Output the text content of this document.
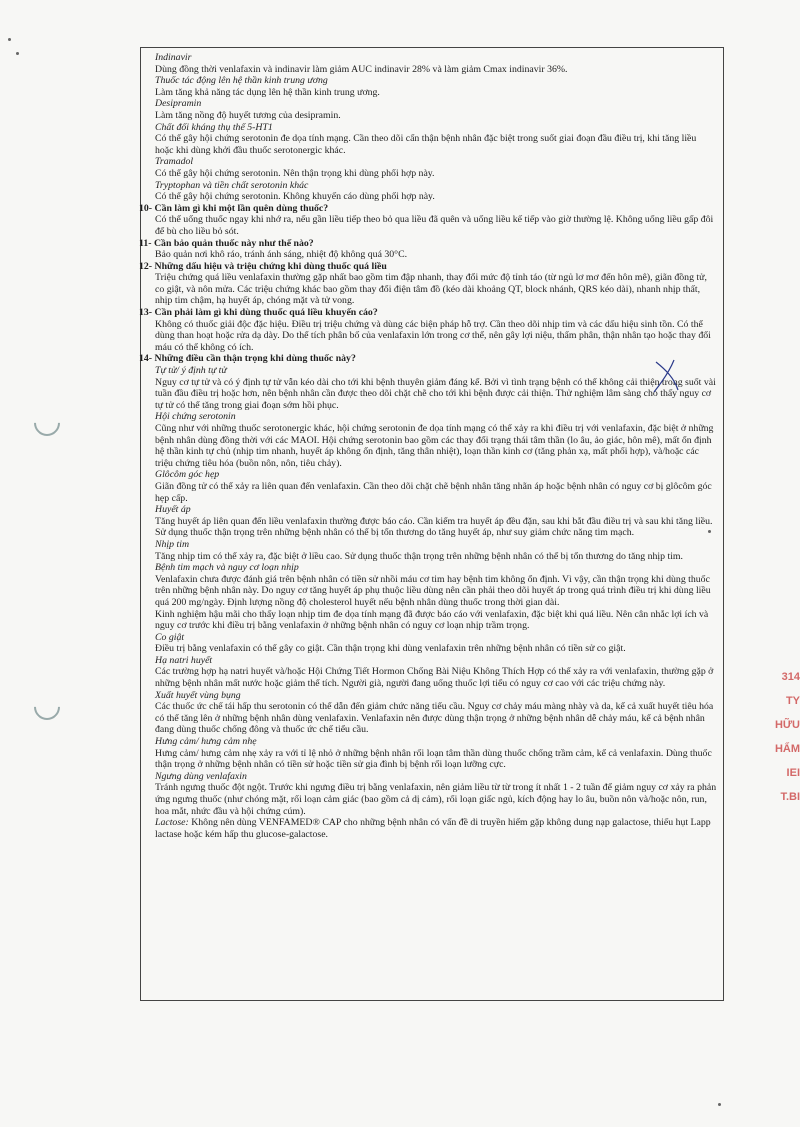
Indinavir

Dùng đồng thời venlafaxin và indinavir làm giảm AUC indinavir 28% và làm giảm Cmax indinavir 36%.

Thuốc tác động lên hệ thần kinh trung ương

Làm tăng khả năng tác dụng lên hệ thần kinh trung ương.

Desipramin

Làm tăng nồng độ huyết tương của desipramin.

Chất đối kháng thụ thể 5-HT1

Có thể gây hội chứng serotonin đe dọa tính mạng. Cần theo dõi cẩn thận bệnh nhân đặc biệt trong suốt giai đoạn đầu điều trị, khi tăng liều hoặc khi dùng khởi đầu thuốc serotonergic khác.

Tramadol

Có thể gây hội chứng serotonin. Nên thận trọng khi dùng phối hợp này.

Tryptophan và tiền chất serotonin khác

Có thể gây hội chứng serotonin. Không khuyến cáo dùng phối hợp này.

10- Cần làm gì khi một lần quên dùng thuốc?

Có thể uống thuốc ngay khi nhớ ra, nếu gần liều tiếp theo bỏ qua liều đã quên và uống liều kế tiếp vào giờ thường lệ. Không uống liều gấp đôi để bù cho liều bỏ sót.

11- Cần bảo quản thuốc này như thế nào?

Bảo quản nơi khô ráo, tránh ánh sáng, nhiệt độ không quá 30°C.

12- Những dấu hiệu và triệu chứng khi dùng thuốc quá liều

Triệu chứng quá liều venlafaxin thường gặp nhất bao gồm tim đập nhanh, thay đổi mức độ tỉnh táo (từ ngủ lơ mơ đến hôn mê), giãn đồng tử, co giật, và nôn mửa. Các triệu chứng khác bao gồm thay đổi điện tâm đồ (kéo dài khoảng QT, block nhánh, QRS kéo dài), nhanh nhịp thất, nhịp tim chậm, hạ huyết áp, chóng mặt và tử vong.

13- Cần phải làm gì khi dùng thuốc quá liều khuyến cáo?

Không có thuốc giải độc đặc hiệu. Điều trị triệu chứng và dùng các biện pháp hỗ trợ. Cần theo dõi nhịp tim và các dấu hiệu sinh tồn. Có thể dùng than hoạt hoặc rửa dạ dày. Do thể tích phân bố của venlafaxin lớn trong cơ thể, nên gây lợi niệu, thẩm phân, thận nhân tạo hoặc thay đổi máu có thể không có ích.

14- Những điều cần thận trọng khi dùng thuốc này?

Tự tử/ ý định tự tử

Nguy cơ tự tử và có ý định tự tử vẫn kéo dài cho tới khi bệnh thuyên giảm đáng kể. Bởi vì tình trạng bệnh có thể không cải thiện trong suốt vài tuần đầu điều trị hoặc hơn, nên bệnh nhân cần được theo dõi chặt chẽ cho tới khi bệnh được cải thiện. Thử nghiệm lâm sàng cho thấy nguy cơ tự tử có thể tăng trong giai đoạn sớm hồi phục.

Hội chứng serotonin

Cũng như với những thuốc serotonergic khác, hội chứng serotonin đe dọa tính mạng có thể xảy ra khi điều trị với venlafaxin, đặc biệt ở những bệnh nhân dùng đồng thời với các MAOI. Hội chứng serotonin bao gồm các thay đổi trạng thái tâm thần (lo âu, ảo giác, hôn mê), mất ổn định hệ thần kinh tự chủ (nhịp tim nhanh, huyết áp không ổn định, tăng thân nhiệt), loạn thần kinh cơ (tăng phản xạ, mất phối hợp), và/hoặc các triệu chứng tiêu hóa (buồn nôn, nôn, tiêu chảy).

Glôcôm góc hẹp

Giãn đồng tử có thể xảy ra liên quan đến venlafaxin. Cần theo dõi chặt chẽ bệnh nhân tăng nhãn áp hoặc bệnh nhân có nguy cơ bị glôcôm góc hẹp cấp.

Huyết áp

Tăng huyết áp liên quan đến liều venlafaxin thường được báo cáo. Cần kiểm tra huyết áp đều đặn, sau khi bắt đầu điều trị và sau khi tăng liều. Sử dụng thuốc thận trọng trên những bệnh nhân có thể bị tổn thương do tăng huyết áp, như suy giảm chức năng tim mạch.

Nhịp tim

Tăng nhịp tim có thể xảy ra, đặc biệt ở liều cao. Sử dụng thuốc thận trọng trên những bệnh nhân có thể bị tổn thương do tăng nhịp tim.

Bệnh tim mạch và nguy cơ loạn nhịp

Venlafaxin chưa được đánh giá trên bệnh nhân có tiền sử nhồi máu cơ tim hay bệnh tim không ổn định. Vì vậy, cần thận trọng khi dùng thuốc trên những bệnh nhân này. Do nguy cơ tăng huyết áp phụ thuộc liều dùng nên cần phải theo dõi huyết áp trong quá trình điều trị khi dùng liều quá 200 mg/ngày. Định lượng nồng độ cholesterol huyết nếu bệnh nhân dùng thuốc trong thời gian dài.

Kinh nghiệm hậu mãi cho thấy loạn nhịp tim đe dọa tính mạng đã được báo cáo với venlafaxin, đặc biệt khi quá liều. Nên cân nhắc lợi ích và nguy cơ trước khi điều trị bằng venlafaxin ở những bệnh nhân có nguy cơ loạn nhịp trầm trọng.

Co giật

Điều trị bằng venlafaxin có thể gây co giật. Cần thận trọng khi dùng venlafaxin trên những bệnh nhân có tiền sử co giật.

Hạ natri huyết

Các trường hợp hạ natri huyết và/hoặc Hội Chứng Tiết Hormon Chống Bài Niệu Không Thích Hợp có thể xảy ra với venlafaxin, thường gặp ở những bệnh nhân mất nước hoặc giảm thể tích. Người già, người đang uống thuốc lợi tiểu có nguy cơ cao với các triệu chứng này.

Xuất huyết vùng bụng

Các thuốc ức chế tái hấp thu serotonin có thể dẫn đến giảm chức năng tiểu cầu. Nguy cơ chảy máu màng nhày và da, kể cả xuất huyết tiêu hóa có thể tăng lên ở những bệnh nhân dùng venlafaxin. Venlafaxin nên được dùng thận trọng ở những bệnh nhân dễ chảy máu, kể cả bệnh nhân đang dùng thuốc chống đông và thuốc ức chế tiểu cầu.

Hưng cảm/ hưng cảm nhẹ

Hưng cảm/ hưng cảm nhẹ xảy ra với tỉ lệ nhỏ ở những bệnh nhân rối loạn tâm thần dùng thuốc chống trầm cảm, kể cả venlafaxin. Dùng thuốc thận trọng ở những bệnh nhân có tiền sử hoặc tiền sử gia đình bị bệnh rối loạn lưỡng cực.

Ngưng dùng venlafaxin

Tránh ngưng thuốc đột ngột. Trước khi ngưng điều trị bằng venlafaxin, nên giảm liều từ từ trong ít nhất 1 - 2 tuần để giảm nguy cơ xảy ra phản ứng ngưng thuốc (như chóng mặt, rối loạn cảm giác (bao gồm cả dị cảm), rối loạn giấc ngủ, kích động hay lo âu, buồn nôn và/hoặc nôn, run, hoa mắt, nhức đầu và hội chứng cúm).

Lactose: Không nên dùng VENFAMED® CAP cho những bệnh nhân có vấn đề di truyền hiếm gặp không dung nạp galactose, thiếu hụt Lapp lactase hoặc kém hấp thu glucose-galactose.

314
TY
HỮU
HẨM
IEI
T.BI
